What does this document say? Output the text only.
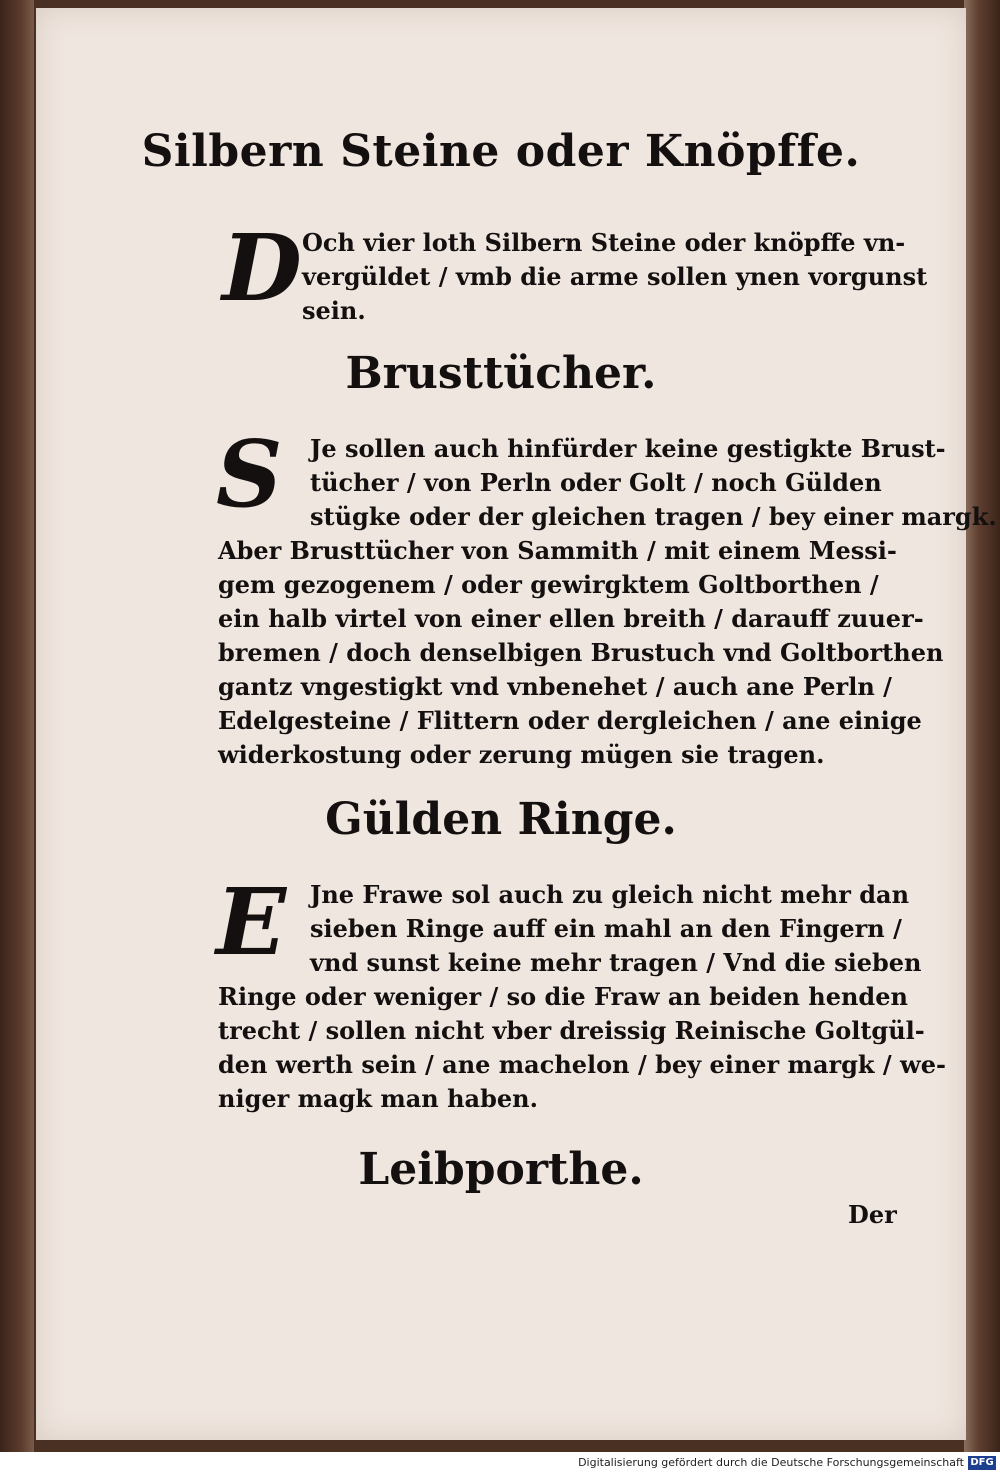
Silbern Steine oder Knöpffe.
D Och vier loth Silbern Steine oder knöpffe vn-
vergüldet / vmb die arme sollen ynen vorgunst
sein.
Brusttücher.
S	Je sollen auch hinfürder keine gestigkte Brust-
tücher / von Perln oder Golt / noch Gülden
stügke oder der gleichen tragen / bey einer margk.
Aber Brusttücher von Sammith / mit einem Messi-
gem gezogenem / oder gewirgktem Goltborthen /
ein halb virtel von einer ellen breith / darauff zuuer-
bremen / doch denselbigen Brustuch vnd Goltborthen
gantz vngestigkt vnd vnbenehet / auch ane Perln /
Edelgesteine / Flittern oder dergleichen / ane einige
widerkostung oder zerung mügen sie tragen.
Gülden Ringe.
E Jne Frawe sol auch zu gleich nicht mehr dan
sieben Ringe auff ein mahl an den Fingern /
vnd sunst keine mehr tragen / Vnd die sieben
Ringe oder weniger / so die Fraw an beiden henden
trecht / sollen nicht vber dreissig Reinische Goltgül-
den werth sein / ane machelon / bey einer margk / we-
niger magk man haben.
Leibporthe.
Der
Digitalisierung gefördert durch die Deutsche Forschungsgemeinschaft DFG
